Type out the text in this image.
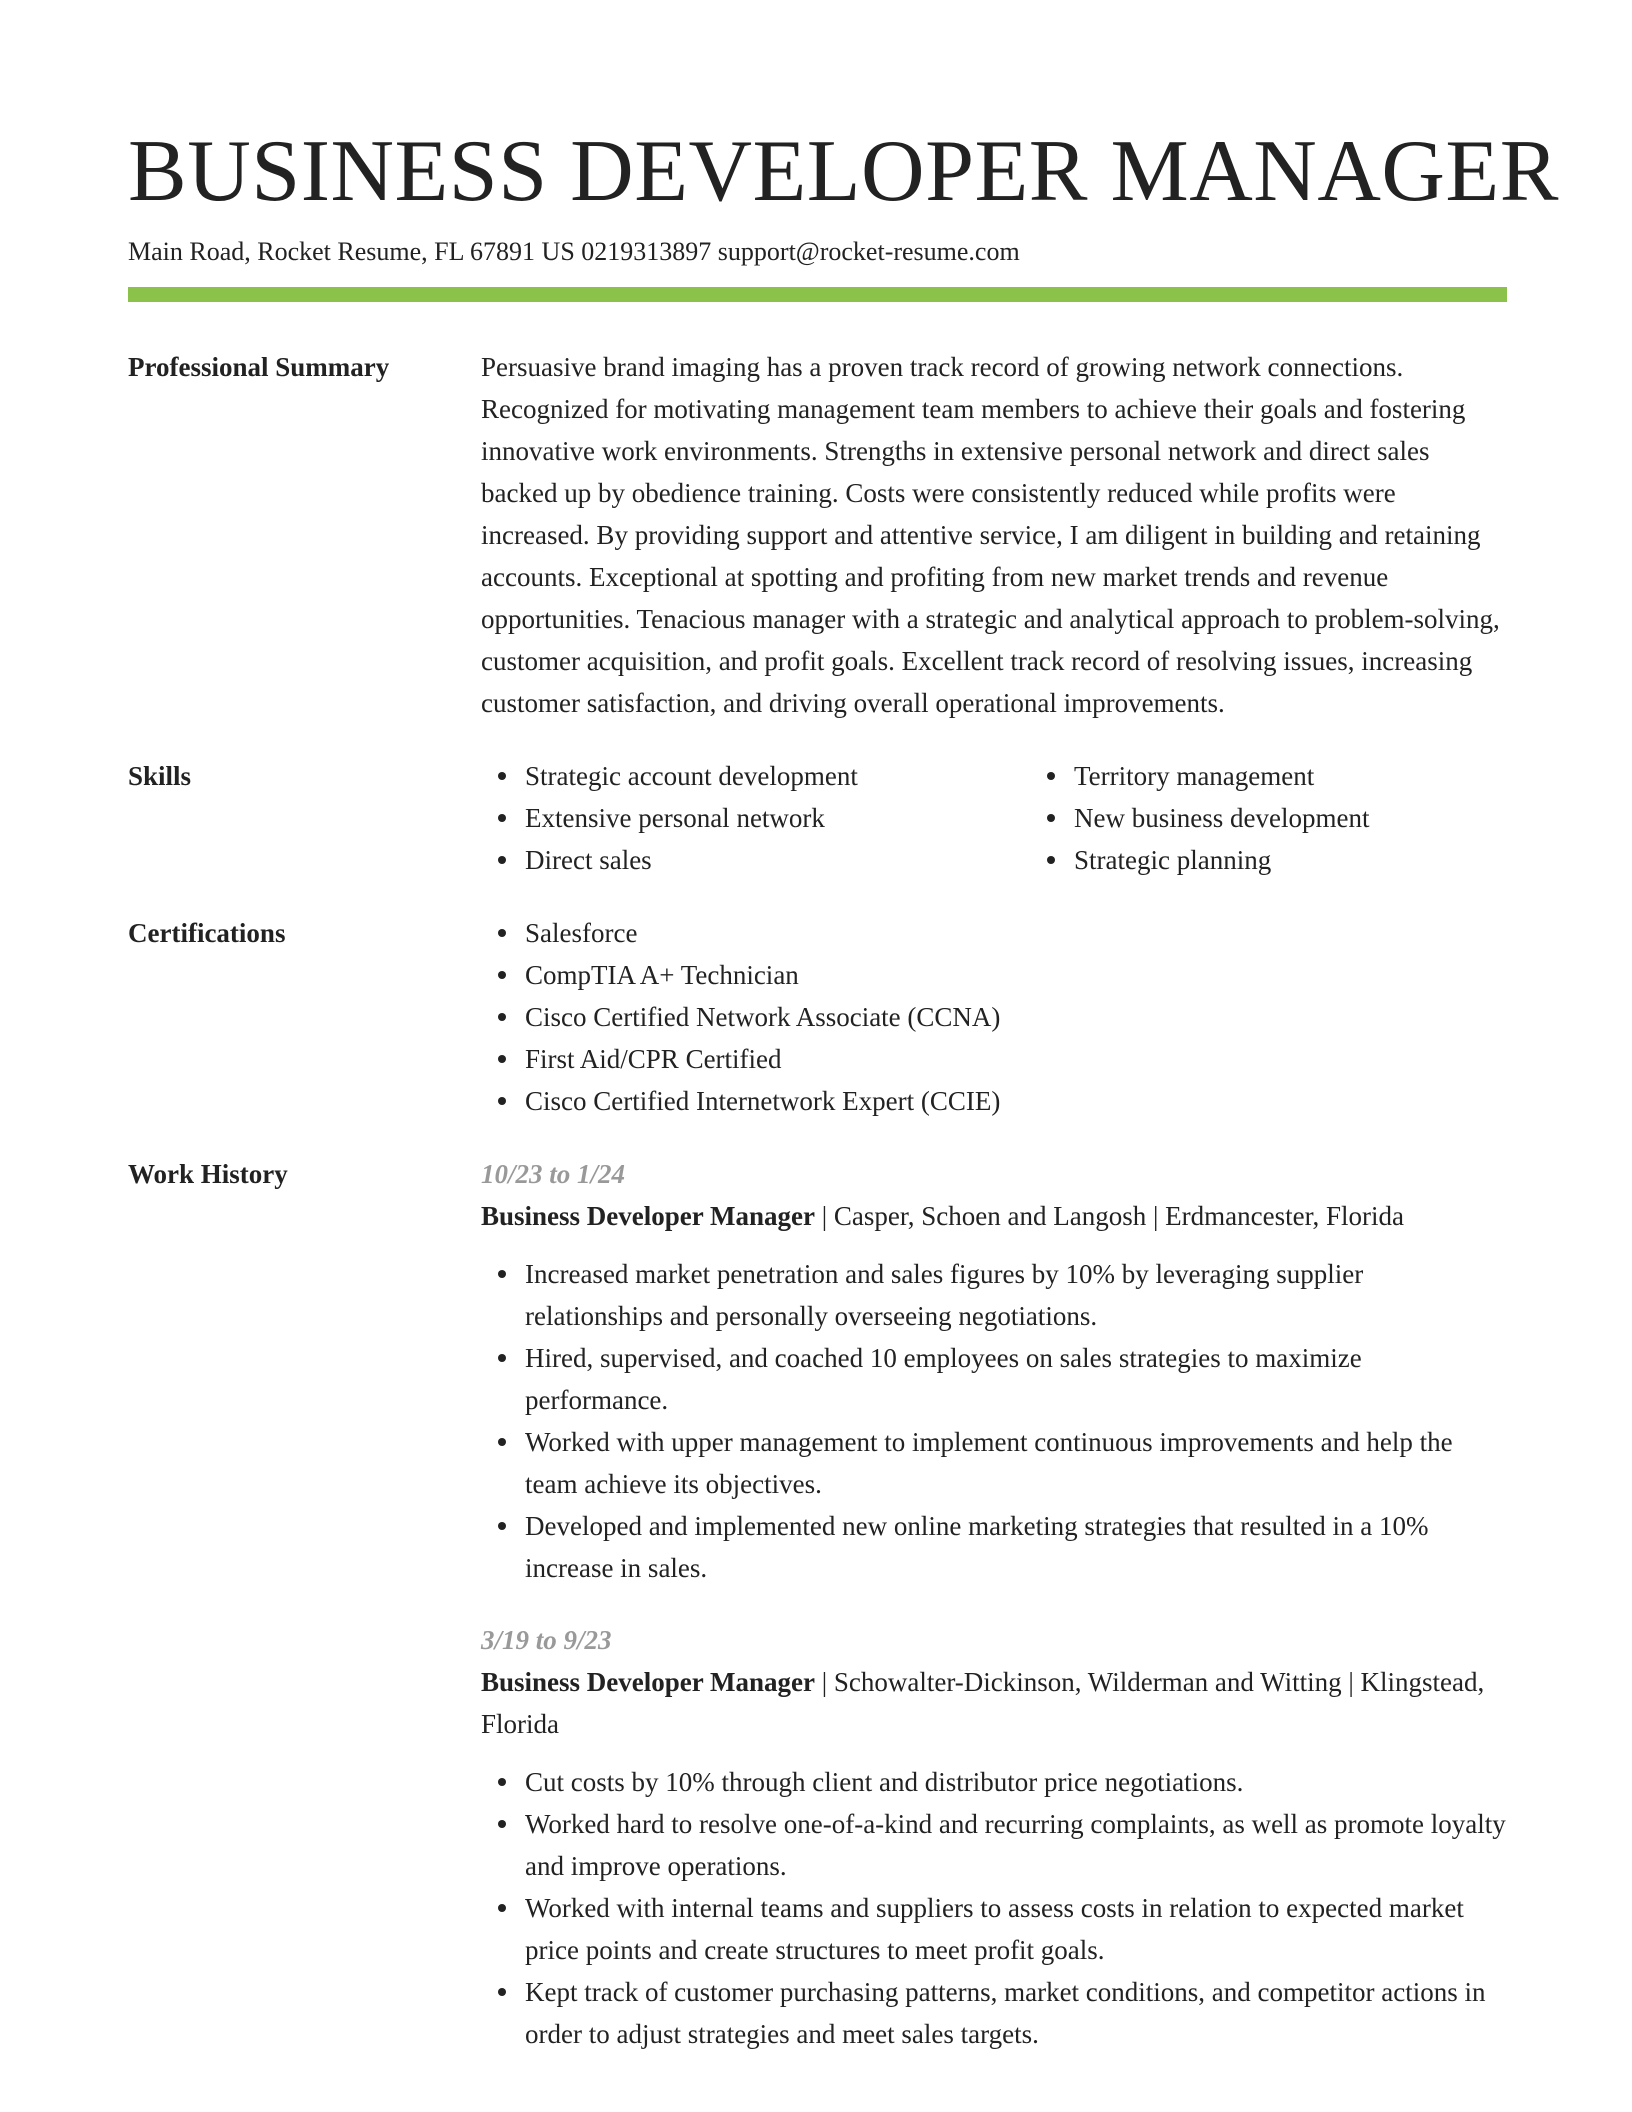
BUSINESS DEVELOPER MANAGER
Main Road, Rocket Resume, FL 67891 US 0219313897 support@rocket-resume.com
Professional Summary	Persuasive brand imaging has a proven track record of growing network connections. Recognized for motivating management team members to achieve their goals and fostering innovative work environments. Strengths in extensive personal network and direct sales backed up by obedience training. Costs were consistently reduced while profits were increased. By providing support and attentive service, I am diligent in building and retaining accounts. Exceptional at spotting and profiting from new market trends and revenue opportunities. Tenacious manager with a strategic and analytical approach to problem-solving, customer acquisition, and profit goals. Excellent track record of resolving issues, increasing customer satisfaction, and driving overall operational improvements.

Skills	Strategic account development
Extensive personal network
Direct sales
Territory management
New business development
Strategic planning
Certifications	Salesforce
CompTIA A+ Technician
Cisco Certified Network Associate (CCNA)
First Aid/CPR Certified
Cisco Certified Internetwork Expert (CCIE)
Work History	10/23 to 1/24
Business Developer Manager | Casper, Schoen and Langosh | Erdmancester, Florida
Increased market penetration and sales figures by 10% by leveraging supplier relationships and personally overseeing negotiations.
Hired, supervised, and coached 10 employees on sales strategies to maximize performance.
Worked with upper management to implement continuous improvements and help the team achieve its objectives.
Developed and implemented new online marketing strategies that resulted in a 10% increase in sales.
3/19 to 9/23
Business Developer Manager | Schowalter-Dickinson, Wilderman and Witting | Klingstead, Florida
Cut costs by 10% through client and distributor price negotiations.
Worked hard to resolve one-of-a-kind and recurring complaints, as well as promote loyalty and improve operations.
Worked with internal teams and suppliers to assess costs in relation to expected market price points and create structures to meet profit goals.
Kept track of customer purchasing patterns, market conditions, and competitor actions in order to adjust strategies and meet sales targets.
